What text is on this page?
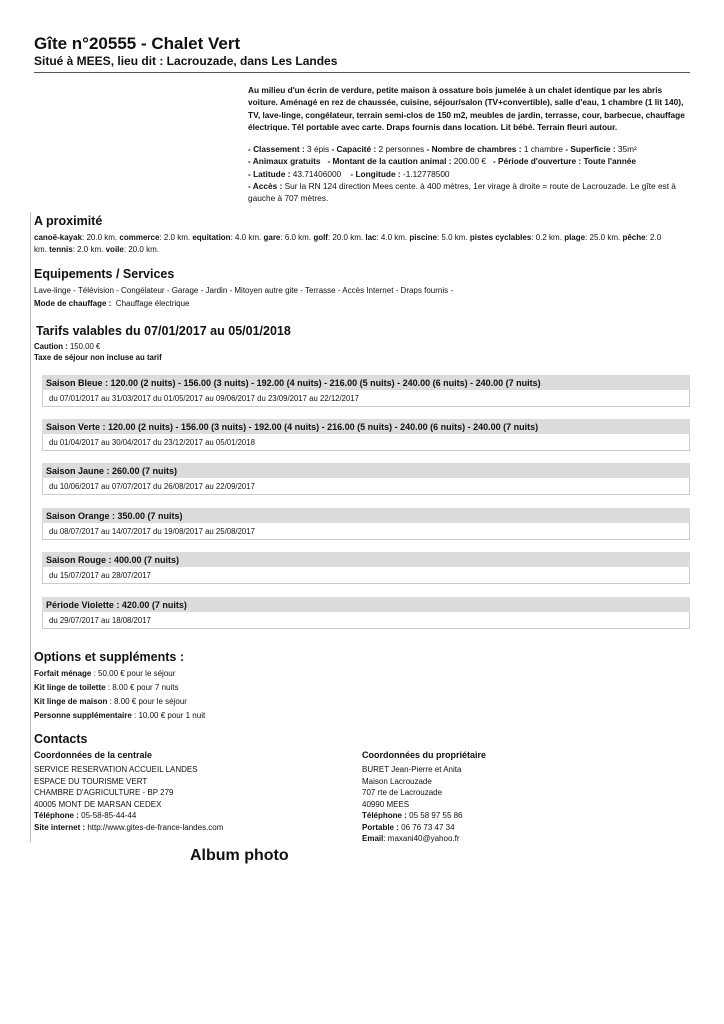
Gîte n°20555 - Chalet Vert
Situé à MEES, lieu dit : Lacrouzade, dans Les Landes
Au milieu d'un écrin de verdure, petite maison à ossature bois jumelée à un chalet identique par les abris voiture. Aménagé en rez de chaussée, cuisine, séjour/salon (TV+convertible), salle d'eau, 1 chambre (1 lit 140), TV, lave-linge, congélateur, terrain semi-clos de 150 m2, meubles de jardin, terrasse, cour, barbecue, chauffage électrique. Tél portable avec carte. Draps fournis dans location. Lit bébé. Terrain fleuri autour.
- Classement : 3 épis - Capacité : 2 personnes - Nombre de chambres : 1 chambre - Superficie : 35m²
- Animaux gratuits - Montant de la caution animal : 200.00 € - Période d'ouverture : Toute l'année
- Latitude : 43.71406000 - Longitude : -1.12778500
- Accès : Sur la RN 124 direction Mees cente. à 400 mètres, 1er virage à droite = route de Lacrouzade. Le gîte est à gauche à 707 mètres.
A proximité
canoë-kayak: 20.0 km. commerce: 2.0 km. equitation: 4.0 km. gare: 6.0 km. golf: 20.0 km. lac: 4.0 km. piscine: 5.0 km. pistes cyclables: 0.2 km. plage: 25.0 km. pêche: 2.0 km. tennis: 2.0 km. voile: 20.0 km.
Equipements / Services
Lave-linge - Télévision - Congélateur - Garage - Jardin - Mitoyen autre gite - Terrasse - Accès Internet - Draps fournis -
Mode de chauffage : Chauffage électrique
Tarifs valables du 07/01/2017 au 05/01/2018
Caution : 150.00 €
Taxe de séjour non incluse au tarif
Saison Bleue : 120.00 (2 nuits) - 156.00 (3 nuits) - 192.00 (4 nuits) - 216.00 (5 nuits) - 240.00 (6 nuits) - 240.00 (7 nuits)
du 07/01/2017 au 31/03/2017 du 01/05/2017 au 09/06/2017 du 23/09/2017 au 22/12/2017
Saison Verte : 120.00 (2 nuits) - 156.00 (3 nuits) - 192.00 (4 nuits) - 216.00 (5 nuits) - 240.00 (6 nuits) - 240.00 (7 nuits)
du 01/04/2017 au 30/04/2017 du 23/12/2017 au 05/01/2018
Saison Jaune : 260.00 (7 nuits)
du 10/06/2017 au 07/07/2017 du 26/08/2017 au 22/09/2017
Saison Orange : 350.00 (7 nuits)
du 08/07/2017 au 14/07/2017 du 19/08/2017 au 25/08/2017
Saison Rouge : 400.00 (7 nuits)
du 15/07/2017 au 28/07/2017
Période Violette : 420.00 (7 nuits)
du 29/07/2017 au 18/08/2017
Options et suppléments :
Forfait ménage : 50.00 € pour le séjour
Kit linge de toilette : 8.00 € pour 7 nuits
Kit linge de maison : 8.00 € pour le séjour
Personne supplémentaire : 10.00 € pour 1 nuit
Contacts
Coordonnées de la centrale
SERVICE RESERVATION ACCUEIL LANDES
ESPACE DU TOURISME VERT
CHAMBRE D'AGRICULTURE - BP 279
40005 MONT DE MARSAN CEDEX
Téléphone : 05-58-85-44-44
Site internet : http://www.gites-de-france-landes.com
Coordonnées du propriétaire
BURET Jean-Pierre et Anita
Maison Lacrouzade
707 rte de Lacrouzade
40990 MEES
Téléphone : 05 58 97 55 86
Portable : 06 76 73 47 34
Email: maxani40@yahoo.fr
Album photo
